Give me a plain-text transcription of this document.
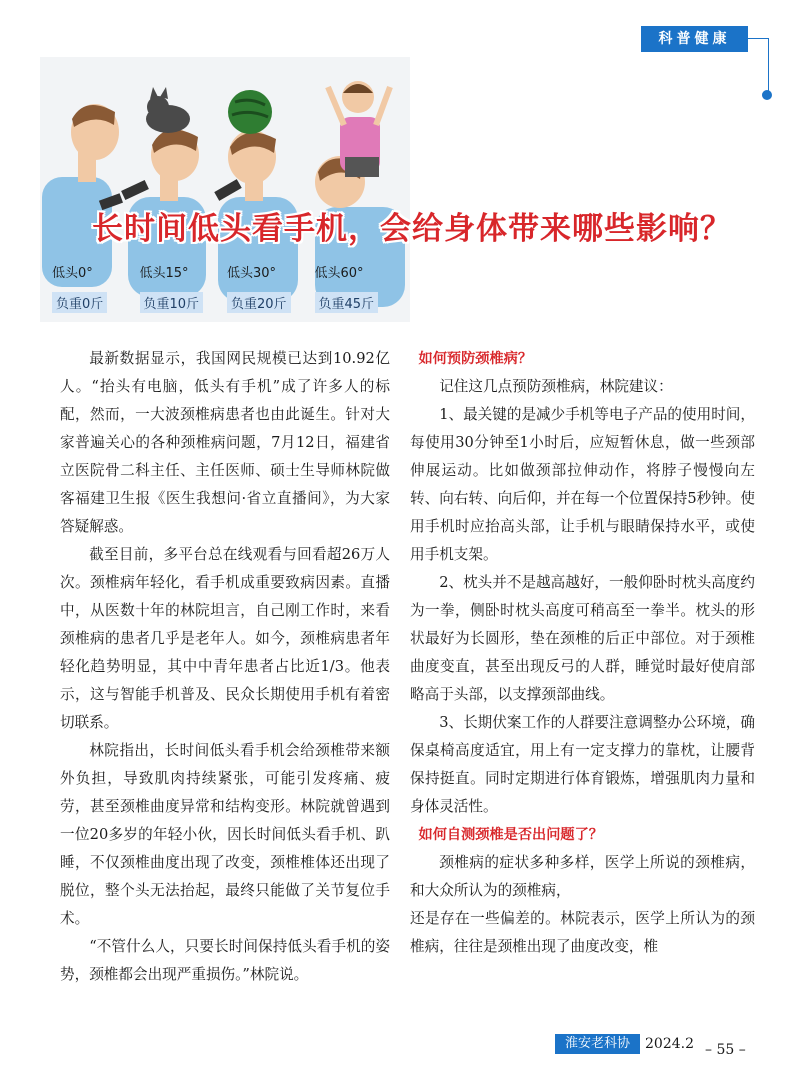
科普健康
长时间低头看手机，会给身体带来哪些影响？
低头0°	低头15°	低头30°	低头60°
负重0斤	负重10斤	负重20斤	负重45斤

最新数据显示，我国网民规模已达到10.92亿人。“抬头有电脑，低头有手机”成了许多人的标配，然而，一大波颈椎病患者也由此诞生。针对大家普遍关心的各种颈椎病问题，7月12日，福建省立医院骨二科主任、主任医师、硕士生导师林院做客福建卫生报《医生我想问·省立直播间》，为大家答疑解惑。

截至目前，多平台总在线观看与回看超26万人次。颈椎病年轻化，看手机成重要致病因素。直播中，从医数十年的林院坦言，自己刚工作时，来看颈椎病的患者几乎是老年人。如今，颈椎病患者年轻化趋势明显，其中中青年患者占比近1/3。他表示，这与智能手机普及、民众长期使用手机有着密切联系。

林院指出，长时间低头看手机会给颈椎带来额外负担，导致肌肉持续紧张，可能引发疼痛、疲劳，甚至颈椎曲度异常和结构变形。林院就曾遇到一位20多岁的年轻小伙，因长时间低头看手机、趴睡，不仅颈椎曲度出现了改变，颈椎椎体还出现了脱位，整个头无法抬起，最终只能做了关节复位手术。

“不管什么人，只要长时间保持低头看手机的姿势，颈椎都会出现严重损伤。”林院说。

如何预防颈椎病？

记住这几点预防颈椎病，林院建议：

1、最关键的是减少手机等电子产品的使用时间，每使用30分钟至1小时后，应短暂休息，做一些颈部伸展运动。比如做颈部拉伸动作，将脖子慢慢向左转、向右转、向后仰，并在每一个位置保持5秒钟。使用手机时应抬高头部，让手机与眼睛保持水平，或使用手机支架。

2、枕头并不是越高越好，一般仰卧时枕头高度约为一拳，侧卧时枕头高度可稍高至一拳半。枕头的形状最好为长圆形，垫在颈椎的后正中部位。对于颈椎曲度变直，甚至出现反弓的人群，睡觉时最好使肩部略高于头部，以支撑颈部曲线。

3、长期伏案工作的人群要注意调整办公环境，确保桌椅高度适宜，用上有一定支撑力的靠枕，让腰背保持挺直。同时定期进行体育锻炼，增强肌肉力量和身体灵活性。

如何自测颈椎是否出问题了？

颈椎病的症状多种多样，医学上所说的颈椎病，和大众所认为的颈椎病，

还是存在一些偏差的。林院表示，医学上所认为的颈椎病，往往是颈椎出现了曲度改变，椎

淮安老科协	2024.2 – 55 –
